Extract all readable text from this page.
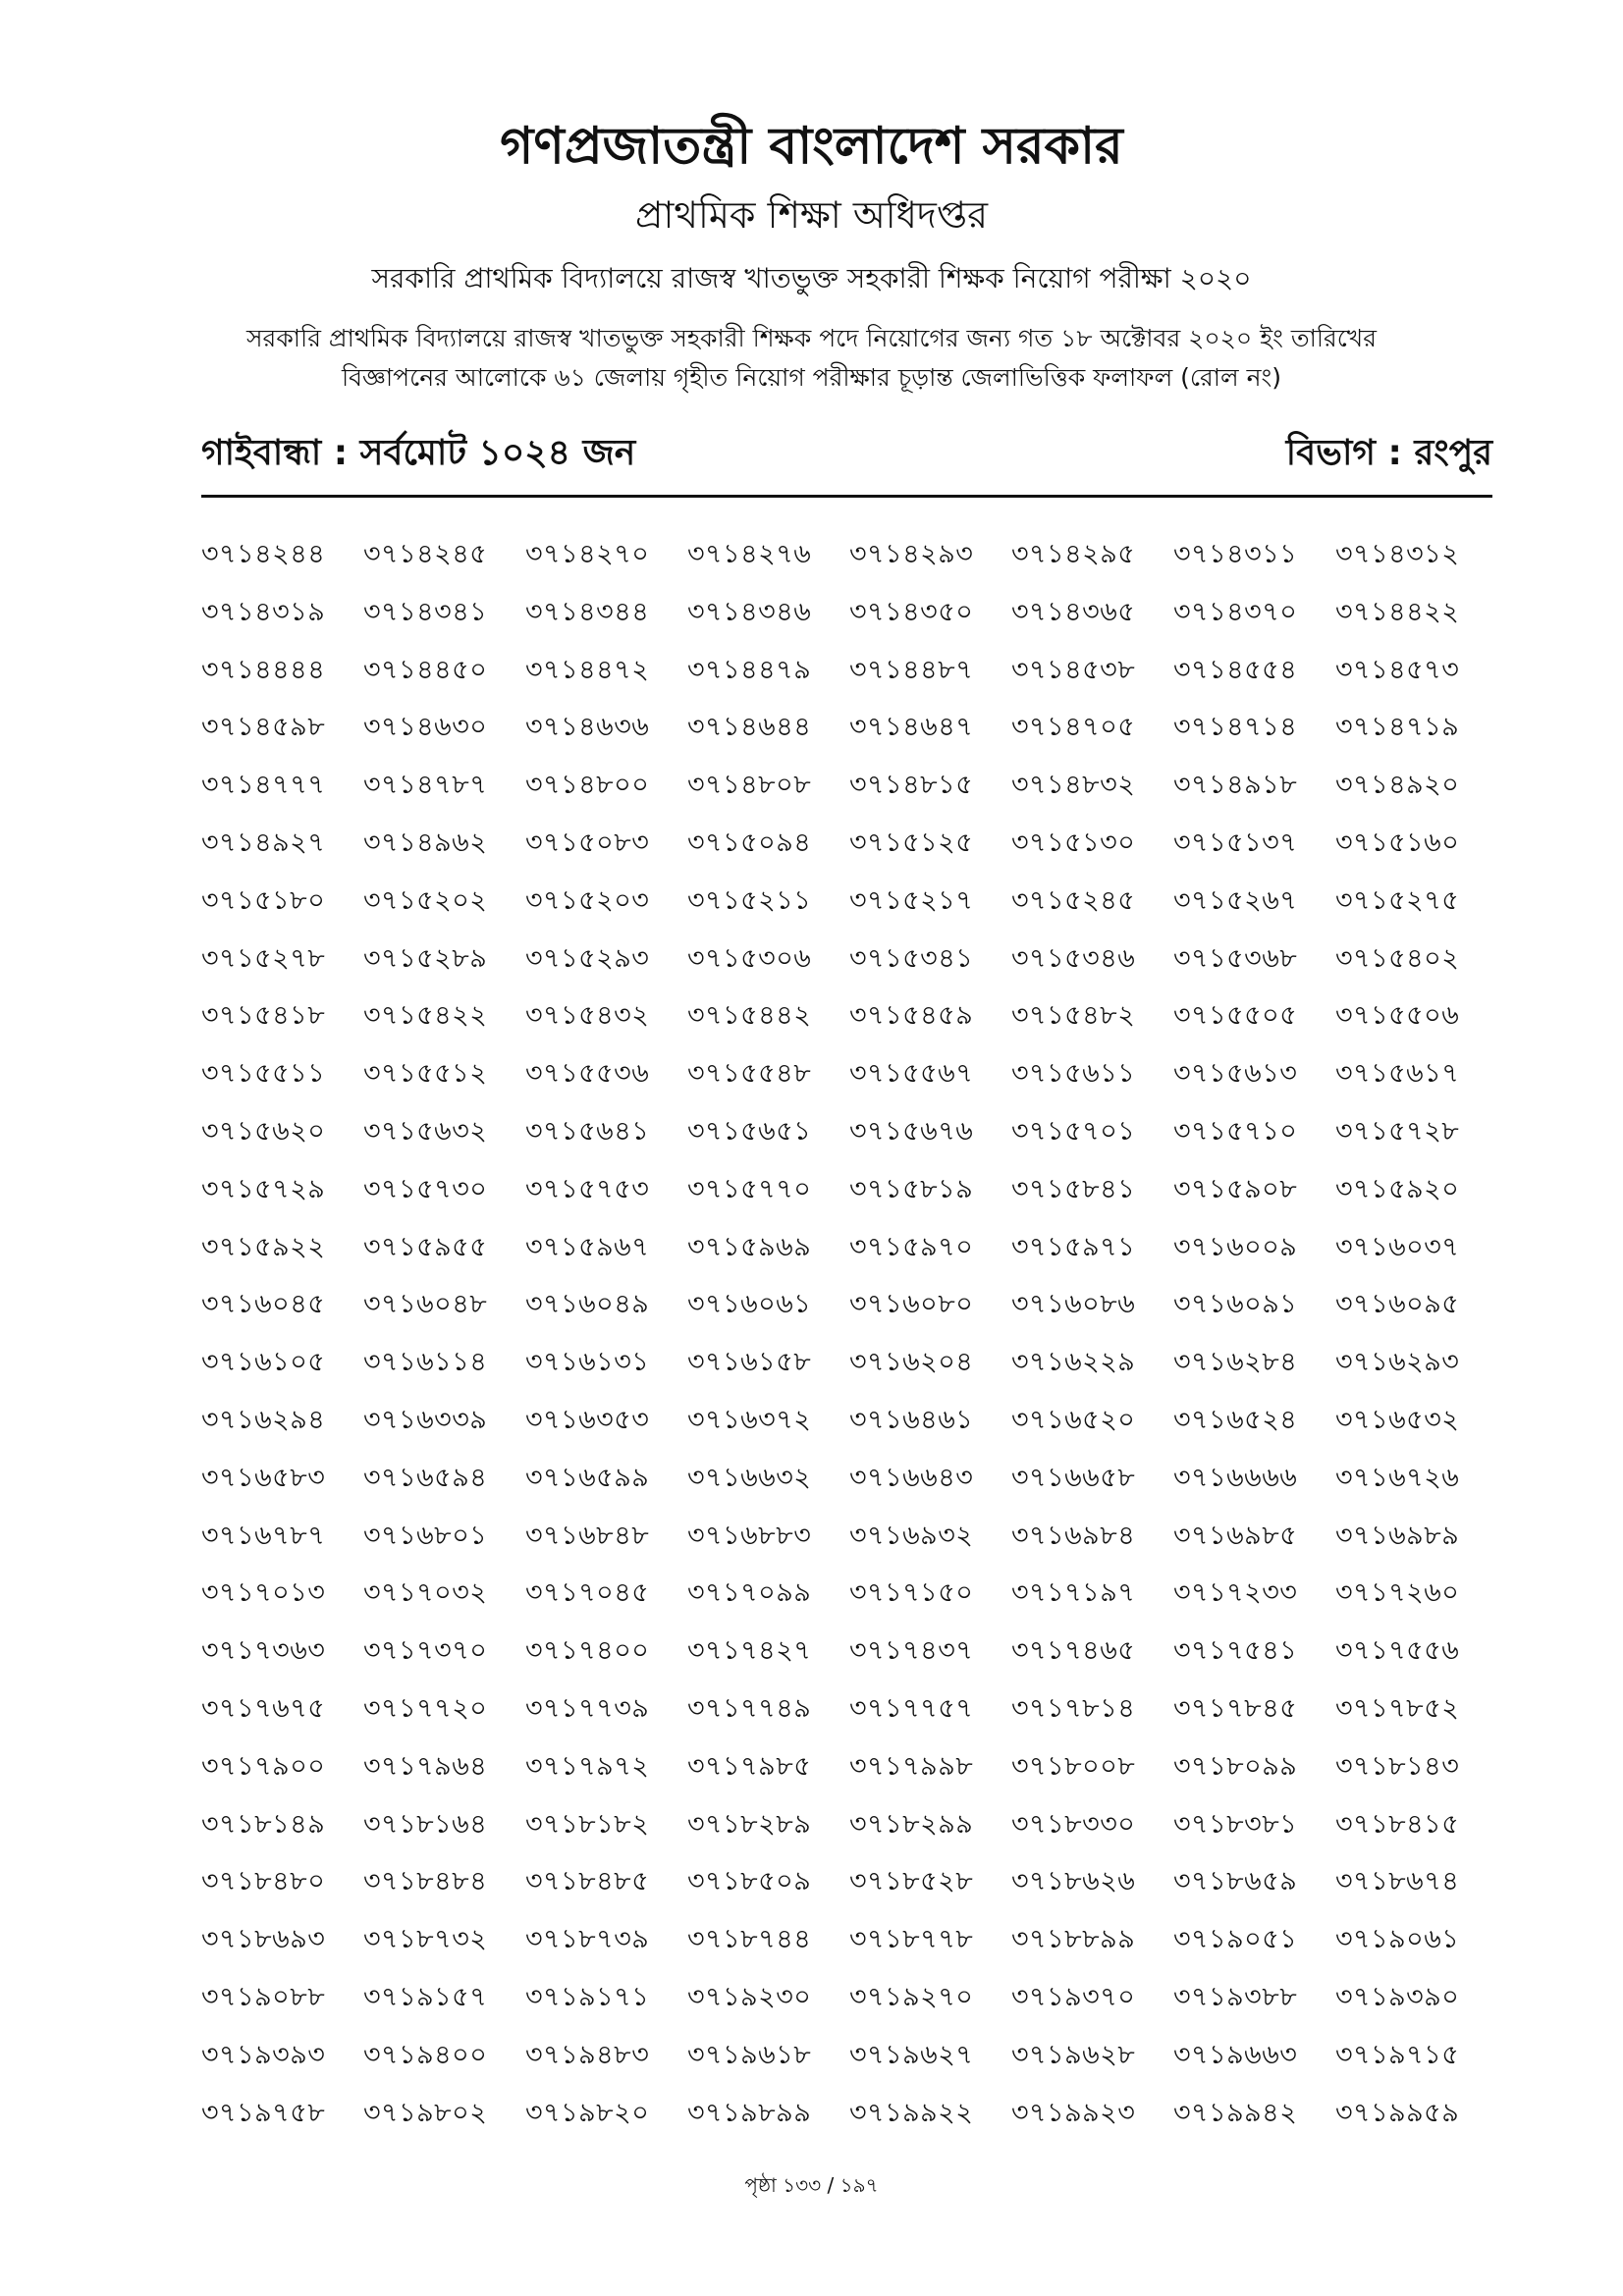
গণপ্রজাতন্ত্রী বাংলাদেশ সরকার
প্রাথমিক শিক্ষা অধিদপ্তর
সরকারি প্রাথমিক বিদ্যালয়ে রাজস্ব খাতভুক্ত সহকারী শিক্ষক নিয়োগ পরীক্ষা ২০২০
সরকারি প্রাথমিক বিদ্যালয়ে রাজস্ব খাতভুক্ত সহকারী শিক্ষক পদে নিয়োগের জন্য গত ১৮ অক্টোবর ২০২০ ইং তারিখের
বিজ্ঞাপনের আলোকে ৬১ জেলায় গৃহীত নিয়োগ পরীক্ষার চূড়ান্ত জেলাভিত্তিক ফলাফল (রোল নং)
গাইবান্ধা : সর্বমোট ১০২৪ জন	বিভাগ : রংপুর
৩৭১৪২৪৪	৩৭১৪২৪৫	৩৭১৪২৭০	৩৭১৪২৭৬	৩৭১৪২৯৩	৩৭১৪২৯৫	৩৭১৪৩১১	৩৭১৪৩১২
৩৭১৪৩১৯	৩৭১৪৩৪১	৩৭১৪৩৪৪	৩৭১৪৩৪৬	৩৭১৪৩৫০	৩৭১৪৩৬৫	৩৭১৪৩৭০	৩৭১৪৪২২
৩৭১৪৪৪৪	৩৭১৪৪৫০	৩৭১৪৪৭২	৩৭১৪৪৭৯	৩৭১৪৪৮৭	৩৭১৪৫৩৮	৩৭১৪৫৫৪	৩৭১৪৫৭৩
৩৭১৪৫৯৮	৩৭১৪৬৩০	৩৭১৪৬৩৬	৩৭১৪৬৪৪	৩৭১৪৬৪৭	৩৭১৪৭০৫	৩৭১৪৭১৪	৩৭১৪৭১৯
৩৭১৪৭৭৭	৩৭১৪৭৮৭	৩৭১৪৮০০	৩৭১৪৮০৮	৩৭১৪৮১৫	৩৭১৪৮৩২	৩৭১৪৯১৮	৩৭১৪৯২০
৩৭১৪৯২৭	৩৭১৪৯৬২	৩৭১৫০৮৩	৩৭১৫০৯৪	৩৭১৫১২৫	৩৭১৫১৩০	৩৭১৫১৩৭	৩৭১৫১৬০
৩৭১৫১৮০	৩৭১৫২০২	৩৭১৫২০৩	৩৭১৫২১১	৩৭১৫২১৭	৩৭১৫২৪৫	৩৭১৫২৬৭	৩৭১৫২৭৫
৩৭১৫২৭৮	৩৭১৫২৮৯	৩৭১৫২৯৩	৩৭১৫৩০৬	৩৭১৫৩৪১	৩৭১৫৩৪৬	৩৭১৫৩৬৮	৩৭১৫৪০২
৩৭১৫৪১৮	৩৭১৫৪২২	৩৭১৫৪৩২	৩৭১৫৪৪২	৩৭১৫৪৫৯	৩৭১৫৪৮২	৩৭১৫৫০৫	৩৭১৫৫০৬
৩৭১৫৫১১	৩৭১৫৫১২	৩৭১৫৫৩৬	৩৭১৫৫৪৮	৩৭১৫৫৬৭	৩৭১৫৬১১	৩৭১৫৬১৩	৩৭১৫৬১৭
৩৭১৫৬২০	৩৭১৫৬৩২	৩৭১৫৬৪১	৩৭১৫৬৫১	৩৭১৫৬৭৬	৩৭১৫৭০১	৩৭১৫৭১০	৩৭১৫৭২৮
৩৭১৫৭২৯	৩৭১৫৭৩০	৩৭১৫৭৫৩	৩৭১৫৭৭০	৩৭১৫৮১৯	৩৭১৫৮৪১	৩৭১৫৯০৮	৩৭১৫৯২০
৩৭১৫৯২২	৩৭১৫৯৫৫	৩৭১৫৯৬৭	৩৭১৫৯৬৯	৩৭১৫৯৭০	৩৭১৫৯৭১	৩৭১৬০০৯	৩৭১৬০৩৭
৩৭১৬০৪৫	৩৭১৬০৪৮	৩৭১৬০৪৯	৩৭১৬০৬১	৩৭১৬০৮০	৩৭১৬০৮৬	৩৭১৬০৯১	৩৭১৬০৯৫
৩৭১৬১০৫	৩৭১৬১১৪	৩৭১৬১৩১	৩৭১৬১৫৮	৩৭১৬২০৪	৩৭১৬২২৯	৩৭১৬২৮৪	৩৭১৬২৯৩
৩৭১৬২৯৪	৩৭১৬৩৩৯	৩৭১৬৩৫৩	৩৭১৬৩৭২	৩৭১৬৪৬১	৩৭১৬৫২০	৩৭১৬৫২৪	৩৭১৬৫৩২
৩৭১৬৫৮৩	৩৭১৬৫৯৪	৩৭১৬৫৯৯	৩৭১৬৬৩২	৩৭১৬৬৪৩	৩৭১৬৬৫৮	৩৭১৬৬৬৬	৩৭১৬৭২৬
৩৭১৬৭৮৭	৩৭১৬৮০১	৩৭১৬৮৪৮	৩৭১৬৮৮৩	৩৭১৬৯৩২	৩৭১৬৯৮৪	৩৭১৬৯৮৫	৩৭১৬৯৮৯
৩৭১৭০১৩	৩৭১৭০৩২	৩৭১৭০৪৫	৩৭১৭০৯৯	৩৭১৭১৫০	৩৭১৭১৯৭	৩৭১৭২৩৩	৩৭১৭২৬০
৩৭১৭৩৬৩	৩৭১৭৩৭০	৩৭১৭৪০০	৩৭১৭৪২৭	৩৭১৭৪৩৭	৩৭১৭৪৬৫	৩৭১৭৫৪১	৩৭১৭৫৫৬
৩৭১৭৬৭৫	৩৭১৭৭২০	৩৭১৭৭৩৯	৩৭১৭৭৪৯	৩৭১৭৭৫৭	৩৭১৭৮১৪	৩৭১৭৮৪৫	৩৭১৭৮৫২
৩৭১৭৯০০	৩৭১৭৯৬৪	৩৭১৭৯৭২	৩৭১৭৯৮৫	৩৭১৭৯৯৮	৩৭১৮০০৮	৩৭১৮০৯৯	৩৭১৮১৪৩
৩৭১৮১৪৯	৩৭১৮১৬৪	৩৭১৮১৮২	৩৭১৮২৮৯	৩৭১৮২৯৯	৩৭১৮৩৩০	৩৭১৮৩৮১	৩৭১৮৪১৫
৩৭১৮৪৮০	৩৭১৮৪৮৪	৩৭১৮৪৮৫	৩৭১৮৫০৯	৩৭১৮৫২৮	৩৭১৮৬২৬	৩৭১৮৬৫৯	৩৭১৮৬৭৪
৩৭১৮৬৯৩	৩৭১৮৭৩২	৩৭১৮৭৩৯	৩৭১৮৭৪৪	৩৭১৮৭৭৮	৩৭১৮৮৯৯	৩৭১৯০৫১	৩৭১৯০৬১
৩৭১৯০৮৮	৩৭১৯১৫৭	৩৭১৯১৭১	৩৭১৯২৩০	৩৭১৯২৭০	৩৭১৯৩৭০	৩৭১৯৩৮৮	৩৭১৯৩৯০
৩৭১৯৩৯৩	৩৭১৯৪০০	৩৭১৯৪৮৩	৩৭১৯৬১৮	৩৭১৯৬২৭	৩৭১৯৬২৮	৩৭১৯৬৬৩	৩৭১৯৭১৫
৩৭১৯৭৫৮	৩৭১৯৮০২	৩৭১৯৮২০	৩৭১৯৮৯৯	৩৭১৯৯২২	৩৭১৯৯২৩	৩৭১৯৯৪২	৩৭১৯৯৫৯
পৃষ্ঠা ১৩৩ / ১৯৭
